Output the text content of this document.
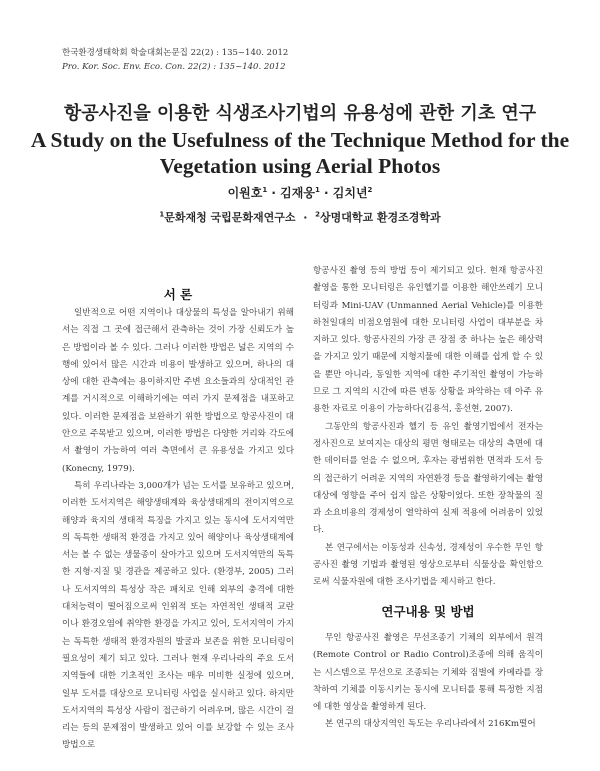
한국환경생태학회 학술대회논문집 22(2) : 135~140. 2012
Pro. Kor. Soc. Env. Eco. Con. 22(2) : 135~140. 2012
항공사진을 이용한 식생조사기법의 유용성에 관한 기초 연구
A Study on the Usefulness of the Technique Method for the
Vegetation using Aerial Photos
이원호$^1$ · 김재웅$^1$ · 김치년$^2$
$^1$문화재청 국립문화재연구소 · $^2$상명대학교 환경조경학과
서 론

일반적으로 어떤 지역이나 대상물의 특성을 알아내기 위해서는 직접 그 곳에 접근해서 관측하는 것이 가장 신뢰도가 높은 방법이라 볼 수 있다. 그러나 이러한 방법은 넓은 지역의 수행에 있어서 많은 시간과 비용이 발생하고 있으며, 하나의 대상에 대한 관측에는 용이하지만 주변 요소들과의 상대적인 관계를 거시적으로 이해하기에는 여러 가지 문제점을 내포하고 있다. 이러한 문제점을 보완하기 위한 방법으로 항공사진이 대안으로 주목받고 있으며, 이러한 방법은 다양한 거리와 각도에서 촬영이 가능하여 여러 측면에서 큰 유용성을 가지고 있다(Konecny, 1979).

특히 우리나라는 3,000개가 넘는 도서를 보유하고 있으며, 이러한 도서지역은 해양생태계와 육상생태계의 전이지역으로 해양과 육지의 생태적 특징을 가지고 있는 동시에 도서지역만의 독특한 생태적 환경을 가지고 있어 해양이나 육상생태계에서는 볼 수 없는 생물종이 살아가고 있으며 도서지역만의 독특한 지형·지질 및 경관을 제공하고 있다. (환경부, 2005) 그러나 도서지역의 특성상 작은 패치로 인해 외부의 충격에 대한 대처능력이 떨어짐으로써 인위적 또는 자연적인 생태적 교란이나 환경오염에 취약한 환경을 가지고 있어, 도서지역이 가지는 독특한 생태적 환경자원의 발굴과 보존을 위한 모니터링이 필요성이 제기 되고 있다. 그러나 현재 우리나라의 주요 도서지역들에 대한 기초적인 조사는 매우 미비한 실정에 있으며, 일부 도서를 대상으로 모니터링 사업을 실시하고 있다. 하지만 도서지역의 특성상 사람이 접근하기 어려우며, 많은 시간이 걸리는 등의 문제점이 발생하고 있어 이를 보강할 수 있는 조사 방법으로

항공사진 촬영 등의 방법 등이 제기되고 있다. 현재 항공사진 촬영을 통한 모니터링은 유인헬기를 이용한 해안쓰레기 모니터링과 Mini-UAV (Unmanned Aerial Vehicle)를 이용한 하천일대의 비점오염원에 대한 모니터링 사업이 대부분을 차지하고 있다. 항공사진의 가장 큰 장점 중 하나는 높은 해상력을 가지고 있기 때문에 지형지물에 대한 이해를 쉽게 할 수 있을 뿐만 아니라, 동일한 지역에 대한 주기적인 촬영이 가능하므로 그 지역의 시간에 따른 변동 상황을 파악하는 데 아주 유용한 자료로 이용이 가능하다(김용석, 홍선현, 2007).

그동안의 항공사진과 헬기 등 유인 촬영기법에서 전자는 정사진으로 보여지는 대상의 평면 형태로는 대상의 측면에 대한 데이터를 얻을 수 없으며, 후자는 광범위한 면적과 도서 등의 접근하기 어려운 지역의 자연환경 등을 촬영하기에는 촬영대상에 영향을 주어 쉽지 않은 상황이었다. 또한 장착물의 질과 소요비용의 경제성이 열악하여 실제 적용에 어려움이 있었다.

본 연구에서는 이동성과 신속성, 경제성이 우수한 무인 항공사진 촬영 기법과 촬영된 영상으로부터 식물상을 확인함으로써 식물자원에 대한 조사기법을 제시하고 한다.

연구내용 및 방법

무인 항공사진 촬영은 무선조종기 기체의 외부에서 원격(Remote Control or Radio Control)조종에 의해 움직이는 시스템으로 무선으로 조종되는 기체와 짐벌에 카메라를 장착하여 기체를 이동시키는 동시에 모니터를 통해 특정한 지점에 대한 영상을 촬영하게 된다.

본 연구의 대상지역인 독도는 우리나라에서 216Km떨어
